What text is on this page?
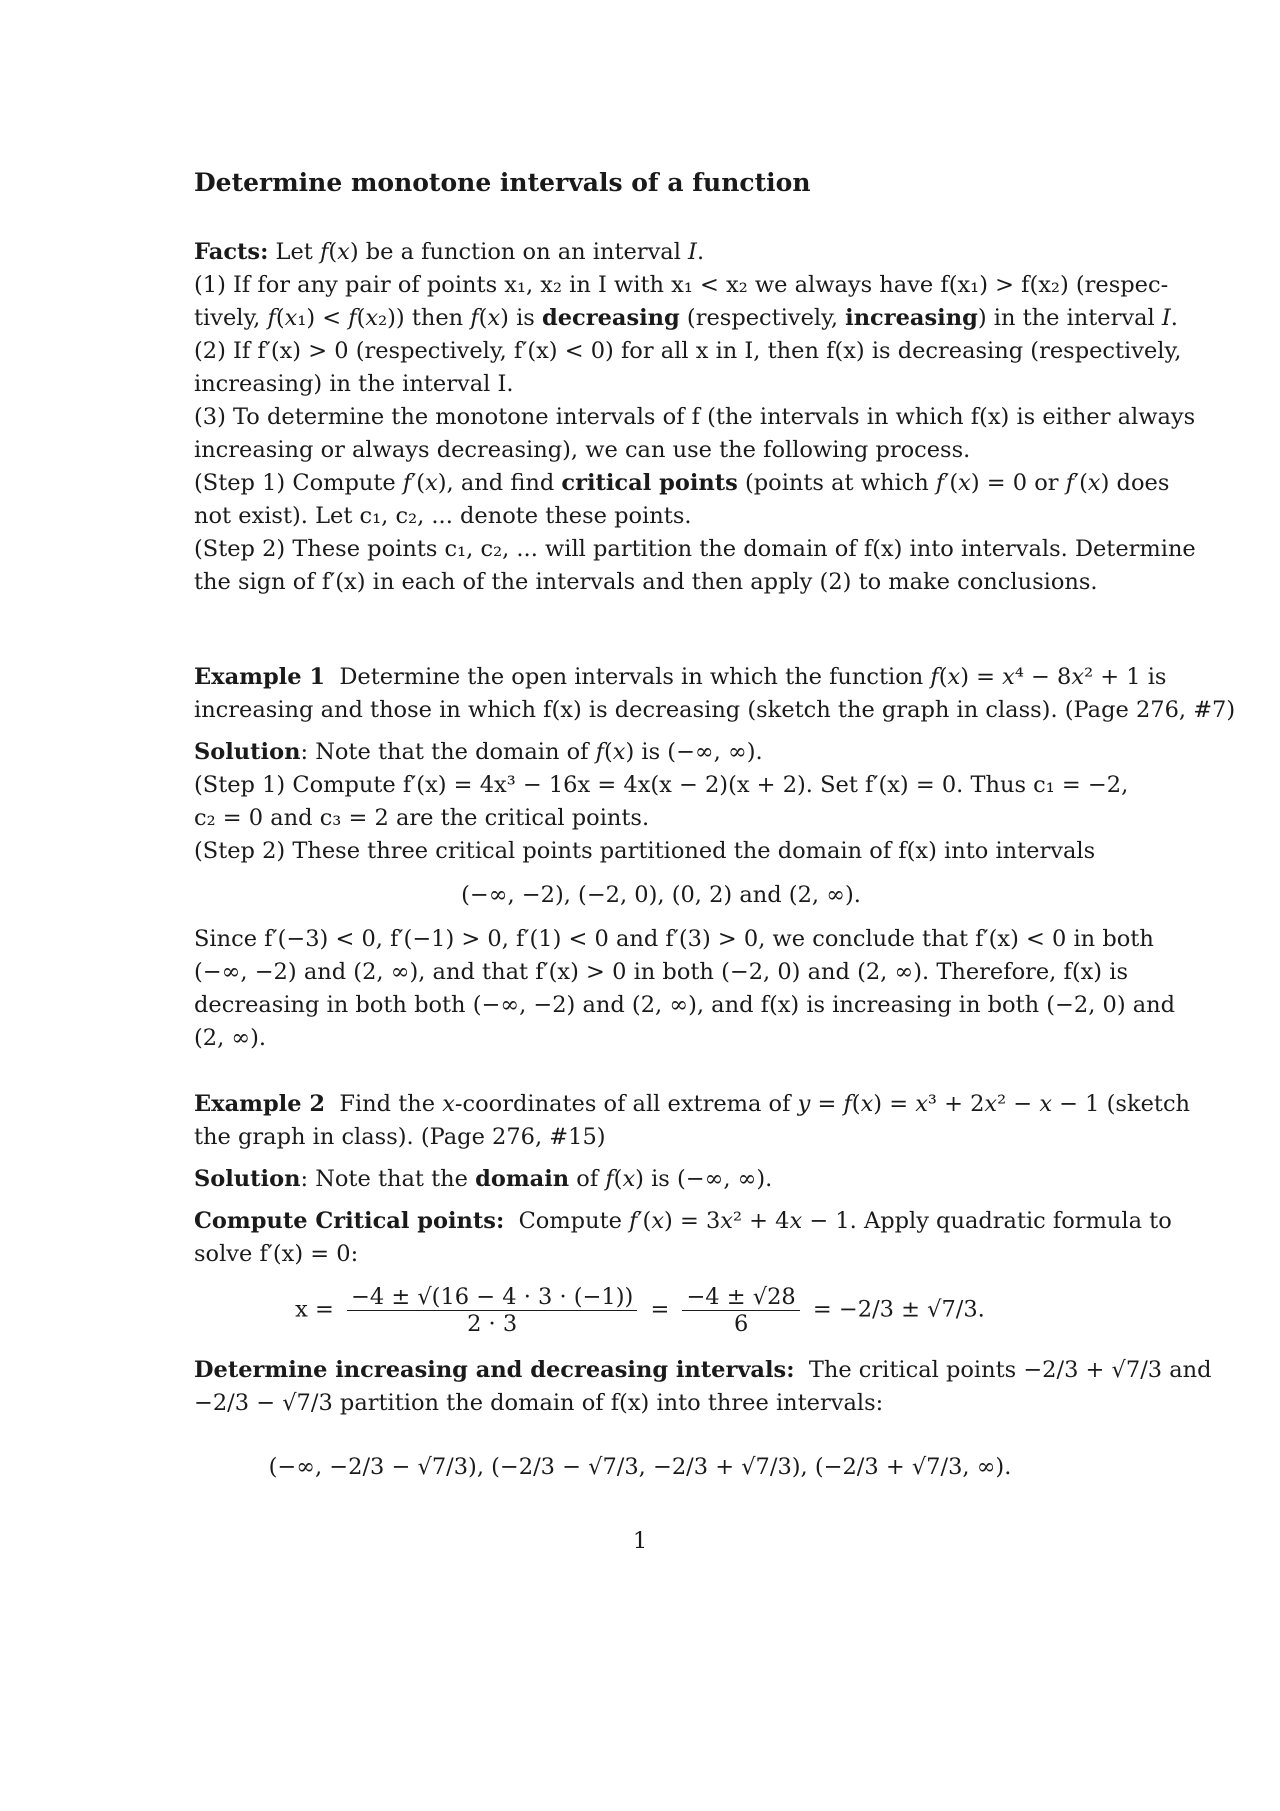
Determine monotone intervals of a function
Facts: Let f(x) be a function on an interval I.
(1) If for any pair of points x₁, x₂ in I with x₁ < x₂ we always have f(x₁) > f(x₂) (respec-
tively, f(x₁) < f(x₂)) then f(x) is decreasing (respectively, increasing) in the interval I.
(2) If f′(x) > 0 (respectively, f′(x) < 0) for all x in I, then f(x) is decreasing (respectively,
increasing) in the interval I.
(3) To determine the monotone intervals of f (the intervals in which f(x) is either always
increasing or always decreasing), we can use the following process.
(Step 1) Compute f′(x), and find critical points (points at which f′(x) = 0 or f′(x) does
not exist). Let c₁, c₂, ... denote these points.
(Step 2) These points c₁, c₂, ... will partition the domain of f(x) into intervals. Determine
the sign of f′(x) in each of the intervals and then apply (2) to make conclusions.
Example 1  Determine the open intervals in which the function f(x) = x⁴ − 8x² + 1 is
increasing and those in which f(x) is decreasing (sketch the graph in class). (Page 276, #7)
Solution: Note that the domain of f(x) is (−∞, ∞).
(Step 1) Compute f′(x) = 4x³ − 16x = 4x(x − 2)(x + 2). Set f′(x) = 0. Thus c₁ = −2,
c₂ = 0 and c₃ = 2 are the critical points.
(Step 2) These three critical points partitioned the domain of f(x) into intervals
(−∞, −2), (−2, 0), (0, 2) and (2, ∞).
Since f′(−3) < 0, f′(−1) > 0, f′(1) < 0 and f′(3) > 0, we conclude that f′(x) < 0 in both
(−∞, −2) and (2, ∞), and that f′(x) > 0 in both (−2, 0) and (2, ∞). Therefore, f(x) is
decreasing in both both (−∞, −2) and (2, ∞), and f(x) is increasing in both (−2, 0) and
(2, ∞).
Example 2  Find the x-coordinates of all extrema of y = f(x) = x³ + 2x² − x − 1 (sketch
the graph in class). (Page 276, #15)
Solution: Note that the domain of f(x) is (−∞, ∞).
Compute Critical points:  Compute f′(x) = 3x² + 4x − 1. Apply quadratic formula to
solve f′(x) = 0:
$x = \frac{-4 \pm √(16 - 4 \cdot 3 \cdot (-1))}{2 \cdot 3} = \frac{-4 \pm √28}{6} = -2/3 \pm √7/3$.
Determine increasing and decreasing intervals:  The critical points −2/3 + √7/3 and
−2/3 − √7/3 partition the domain of f(x) into three intervals:
(−∞, −2/3 − √7/3), (−2/3 − √7/3, −2/3 + √7/3), (−2/3 + √7/3, ∞).
1
